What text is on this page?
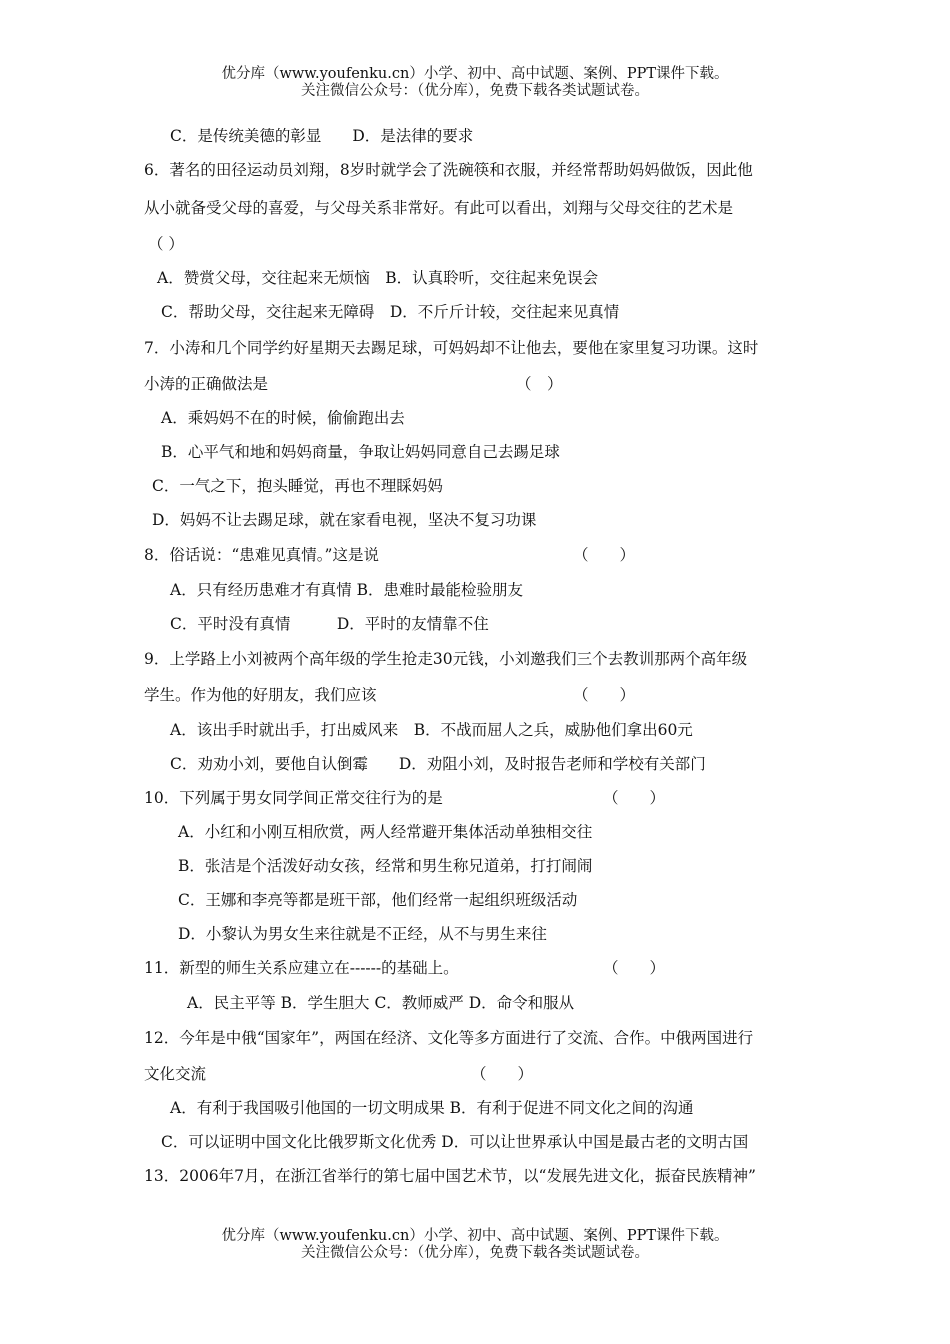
优分库（www.youfenku.cn）小学、初中、高中试题、案例、PPT课件下载。
关注微信公众号：（优分库），免费下载各类试题试卷。
C．是传统美德的彰显　　D．是法律的要求
6．著名的田径运动员刘翔，8岁时就学会了洗碗筷和衣服，并经常帮助妈妈做饭，因此他
从小就备受父母的喜爱，与父母关系非常好。有此可以看出，刘翔与父母交往的艺术是
（ ）
A．赞赏父母，交往起来无烦恼　B．认真聆听，交往起来免误会
C．帮助父母，交往起来无障碍　D．不斤斤计较，交往起来见真情
7．小涛和几个同学约好星期天去踢足球，可妈妈却不让他去，要他在家里复习功课。这时
小涛的正确做法是	（　）
A．乘妈妈不在的时候，偷偷跑出去
B．心平气和地和妈妈商量，争取让妈妈同意自己去踢足球
C．一气之下，抱头睡觉，再也不理睬妈妈
D．妈妈不让去踢足球，就在家看电视，坚决不复习功课
8．俗话说：“患难见真情。”这是说	（　　）
A．只有经历患难才有真情 B．患难时最能检验朋友
C．平时没有真情　　　D．平时的友情靠不住
9．上学路上小刘被两个高年级的学生抢走30元钱，小刘邀我们三个去教训那两个高年级
学生。作为他的好朋友，我们应该	（　　）
A．该出手时就出手，打出威风来　B．不战而屈人之兵，威胁他们拿出60元
C．劝劝小刘，要他自认倒霉　　D．劝阻小刘，及时报告老师和学校有关部门
10．下列属于男女同学间正常交往行为的是	（　　）
A．小红和小刚互相欣赏，两人经常避开集体活动单独相交往
B．张洁是个活泼好动女孩，经常和男生称兄道弟，打打闹闹
C．王娜和李亮等都是班干部，他们经常一起组织班级活动
D．小黎认为男女生来往就是不正经，从不与男生来往
11．新型的师生关系应建立在------的基础上。	（　　）
A．民主平等 B．学生胆大 C．教师威严 D．命令和服从
12．今年是中俄“国家年”，两国在经济、文化等多方面进行了交流、合作。中俄两国进行
文化交流	（　　）
A．有利于我国吸引他国的一切文明成果 B．有利于促进不同文化之间的沟通
C．可以证明中国文化比俄罗斯文化优秀 D．可以让世界承认中国是最古老的文明古国
13．2006年7月，在浙江省举行的第七届中国艺术节，以“发展先进文化，振奋民族精神”
优分库（www.youfenku.cn）小学、初中、高中试题、案例、PPT课件下载。
关注微信公众号：（优分库），免费下载各类试题试卷。
